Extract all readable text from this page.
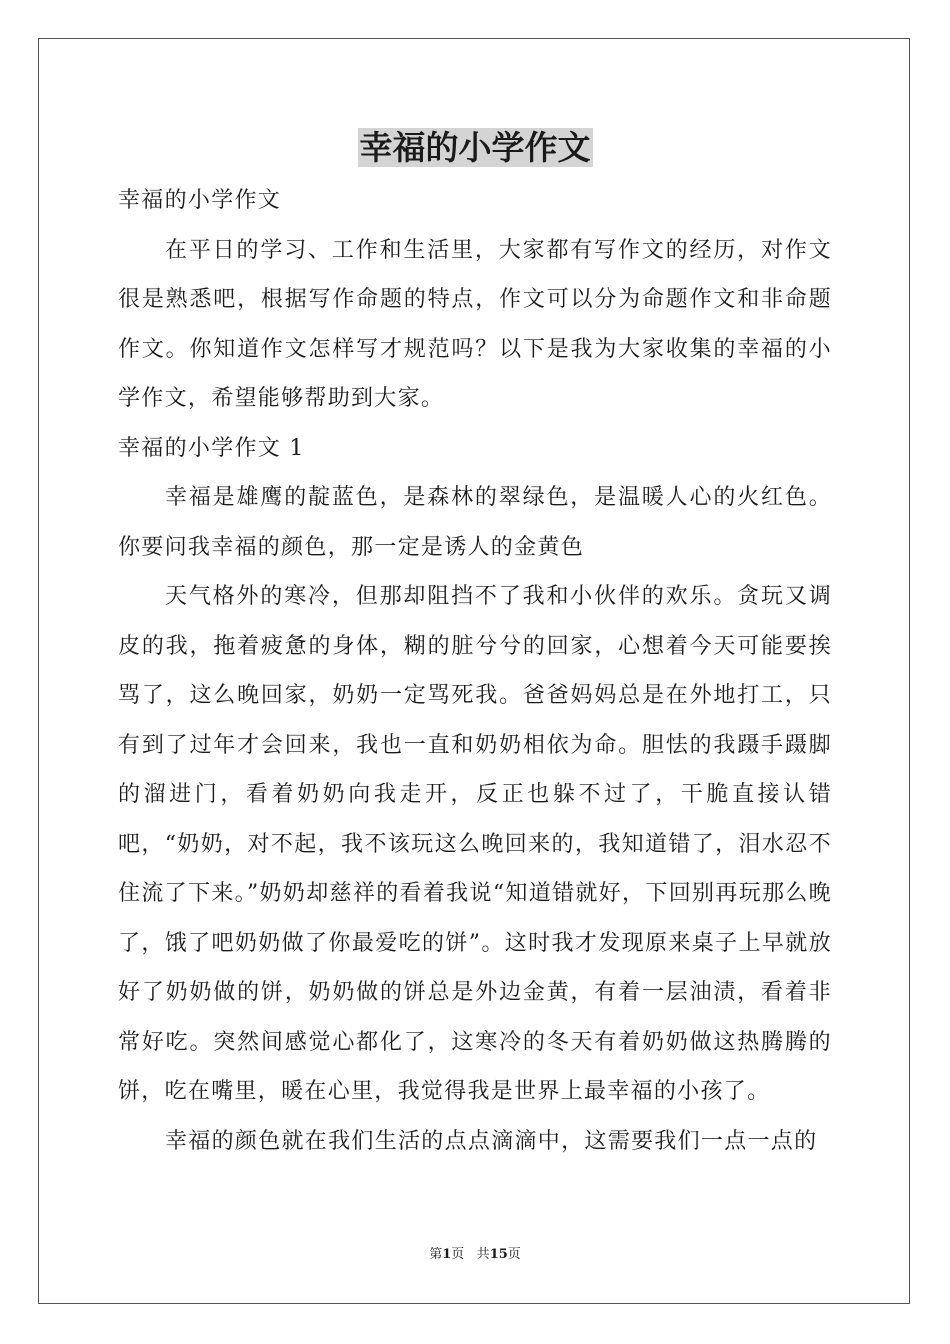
幸福的小学作文

幸福的小学作文

在平日的学习、工作和生活里，大家都有写作文的经历，对作文很是熟悉吧，根据写作命题的特点，作文可以分为命题作文和非命题作文。你知道作文怎样写才规范吗？以下是我为大家收集的幸福的小学作文，希望能够帮助到大家。

幸福的小学作文 1

幸福是雄鹰的靛蓝色，是森林的翠绿色，是温暖人心的火红色。你要问我幸福的颜色，那一定是诱人的金黄色

天气格外的寒冷，但那却阻挡不了我和小伙伴的欢乐。贪玩又调皮的我，拖着疲惫的身体，糊的脏兮兮的回家，心想着今天可能要挨骂了，这么晚回家，奶奶一定骂死我。爸爸妈妈总是在外地打工，只有到了过年才会回来，我也一直和奶奶相依为命。胆怯的我蹑手蹑脚的溜进门，看着奶奶向我走开，反正也躲不过了，干脆直接认错吧，“奶奶，对不起，我不该玩这么晚回来的，我知道错了，泪水忍不住流了下来。”奶奶却慈祥的看着我说“知道错就好，下回别再玩那么晚了，饿了吧奶奶做了你最爱吃的饼”。这时我才发现原来桌子上早就放好了奶奶做的饼，奶奶做的饼总是外边金黄，有着一层油渍，看着非常好吃。突然间感觉心都化了，这寒冷的冬天有着奶奶做这热腾腾的饼，吃在嘴里，暖在心里，我觉得我是世界上最幸福的小孩了。

幸福的颜色就在我们生活的点点滴滴中，这需要我们一点一点的

第1页 共15页
